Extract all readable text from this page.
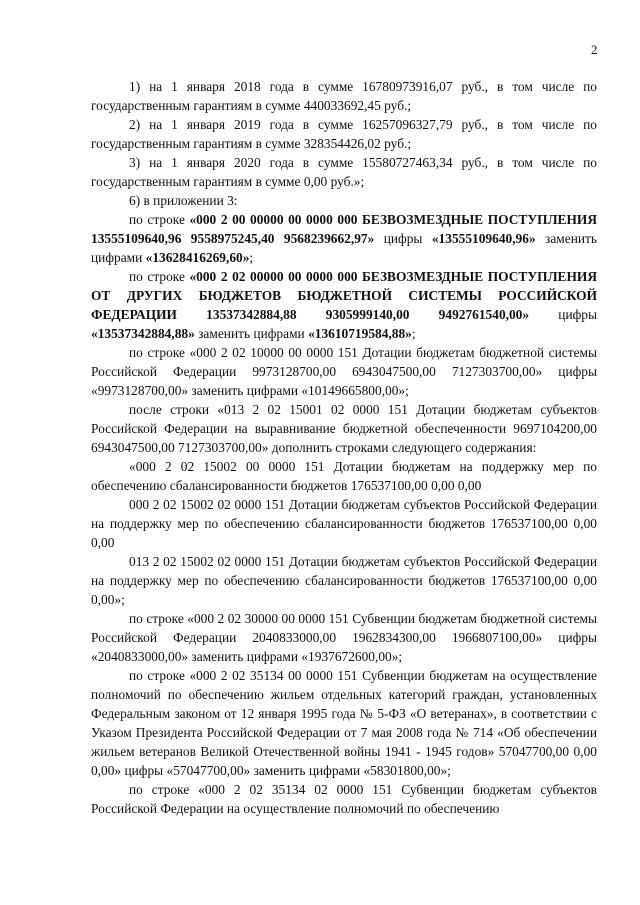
2

1) на 1 января 2018 года в сумме 16780973916,07 руб., в том числе по государственным гарантиям в сумме 440033692,45 руб.;

2) на 1 января 2019 года в сумме 16257096327,79 руб., в том числе по государственным гарантиям в сумме 328354426,02 руб.;

3) на 1 января 2020 года в сумме 15580727463,34 руб., в том числе по государственным гарантиям в сумме 0,00 руб.»;

6) в приложении 3:

по строке «000 2 00 00000 00 0000 000 БЕЗВОЗМЕЗДНЫЕ ПОСТУПЛЕНИЯ 13555109640,96 9558975245,40 9568239662,97» цифры «13555109640,96» заменить цифрами «13628416269,60»;

по строке «000 2 02 00000 00 0000 000 БЕЗВОЗМЕЗДНЫЕ ПОСТУПЛЕНИЯ ОТ ДРУГИХ БЮДЖЕТОВ БЮДЖЕТНОЙ СИСТЕМЫ РОССИЙСКОЙ ФЕДЕРАЦИИ 13537342884,88 9305999140,00 9492761540,00» цифры «13537342884,88» заменить цифрами «13610719584,88»;

по строке «000 2 02 10000 00 0000 151 Дотации бюджетам бюджетной системы Российской Федерации 9973128700,00 6943047500,00 7127303700,00» цифры «9973128700,00» заменить цифрами «10149665800,00»;

после строки «013 2 02 15001 02 0000 151 Дотации бюджетам субъектов Российской Федерации на выравнивание бюджетной обеспеченности 9697104200,00 6943047500,00 7127303700,00» дополнить строками следующего содержания:

«000 2 02 15002 00 0000 151 Дотации бюджетам на поддержку мер по обеспечению сбалансированности бюджетов 176537100,00 0,00 0,00

000 2 02 15002 02 0000 151 Дотации бюджетам субъектов Российской Федерации на поддержку мер по обеспечению сбалансированности бюджетов 176537100,00 0,00 0,00

013 2 02 15002 02 0000 151 Дотации бюджетам субъектов Российской Федерации на поддержку мер по обеспечению сбалансированности бюджетов 176537100,00 0,00 0,00»;

по строке «000 2 02 30000 00 0000 151 Субвенции бюджетам бюджетной системы Российской Федерации 2040833000,00 1962834300,00 1966807100,00» цифры «2040833000,00» заменить цифрами «1937672600,00»;

по строке «000 2 02 35134 00 0000 151 Субвенции бюджетам на осуществление полномочий по обеспечению жильем отдельных категорий граждан, установленных Федеральным законом от 12 января 1995 года № 5-ФЗ «О ветеранах», в соответствии с Указом Президента Российской Федерации от 7 мая 2008 года № 714 «Об обеспечении жильем ветеранов Великой Отечественной войны 1941 - 1945 годов» 57047700,00 0,00 0,00» цифры «57047700,00» заменить цифрами «58301800,00»;

по строке «000 2 02 35134 02 0000 151 Субвенции бюджетам субъектов Российской Федерации на осуществление полномочий по обеспечению
